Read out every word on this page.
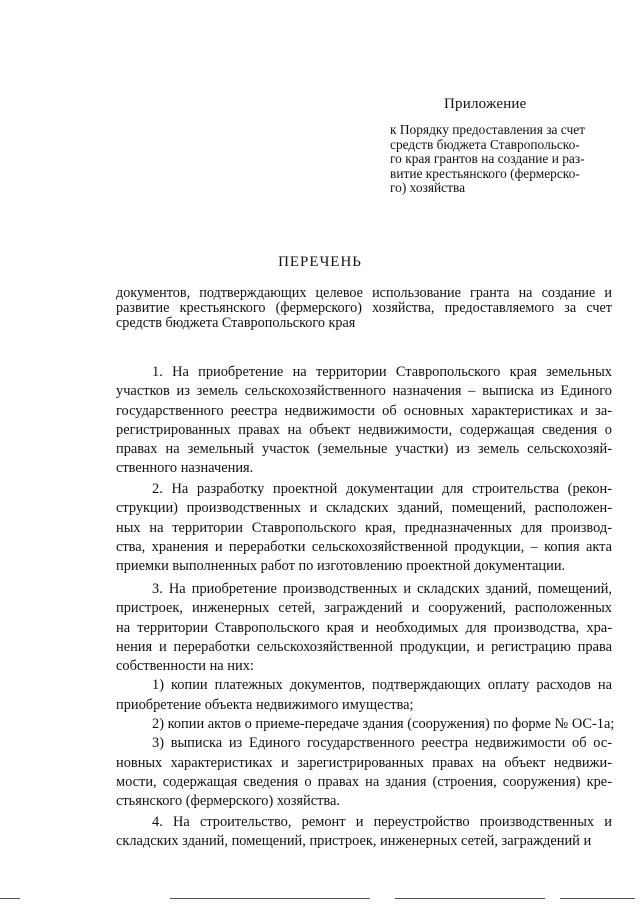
Приложение
к Порядку предоставления за счет
средств бюджета Ставропольско-
го края грантов на создание и раз-
витие крестьянского (фермерско-
го) хозяйства
ПЕРЕЧЕНЬ
документов, подтверждающих целевое использование гранта на создание и
развитие крестьянского (фермерского) хозяйства, предоставляемого за счет
средств бюджета Ставропольского края
1. На приобретение на территории Ставропольского края земельных
участков из земель сельскохозяйственного назначения – выписка из Единого
государственного реестра недвижимости об основных характеристиках и за-
регистрированных правах на объект недвижимости, содержащая сведения о
правах на земельный участок (земельные участки) из земель сельскохозяй-
ственного назначения.
2. На разработку проектной документации для строительства (рекон-
струкции) производственных и складских зданий, помещений, расположен-
ных на территории Ставропольского края, предназначенных для производ-
ства, хранения и переработки сельскохозяйственной продукции, – копия акта
приемки выполненных работ по изготовлению проектной документации.
3. На приобретение производственных и складских зданий, помещений,
пристроек, инженерных сетей, заграждений и сооружений, расположенных
на территории Ставропольского края и необходимых для производства, хра-
нения и переработки сельскохозяйственной продукции, и регистрацию права
собственности на них:
1) копии платежных документов, подтверждающих оплату расходов на
приобретение объекта недвижимого имущества;
2) копии актов о приеме-передаче здания (сооружения) по форме № ОС-1а;
3) выписка из Единого государственного реестра недвижимости об ос-
новных характеристиках и зарегистрированных правах на объект недвижи-
мости, содержащая сведения о правах на здания (строения, сооружения) кре-
стьянского (фермерского) хозяйства.
4. На строительство, ремонт и переустройство производственных и
складских зданий, помещений, пристроек, инженерных сетей, заграждений и
